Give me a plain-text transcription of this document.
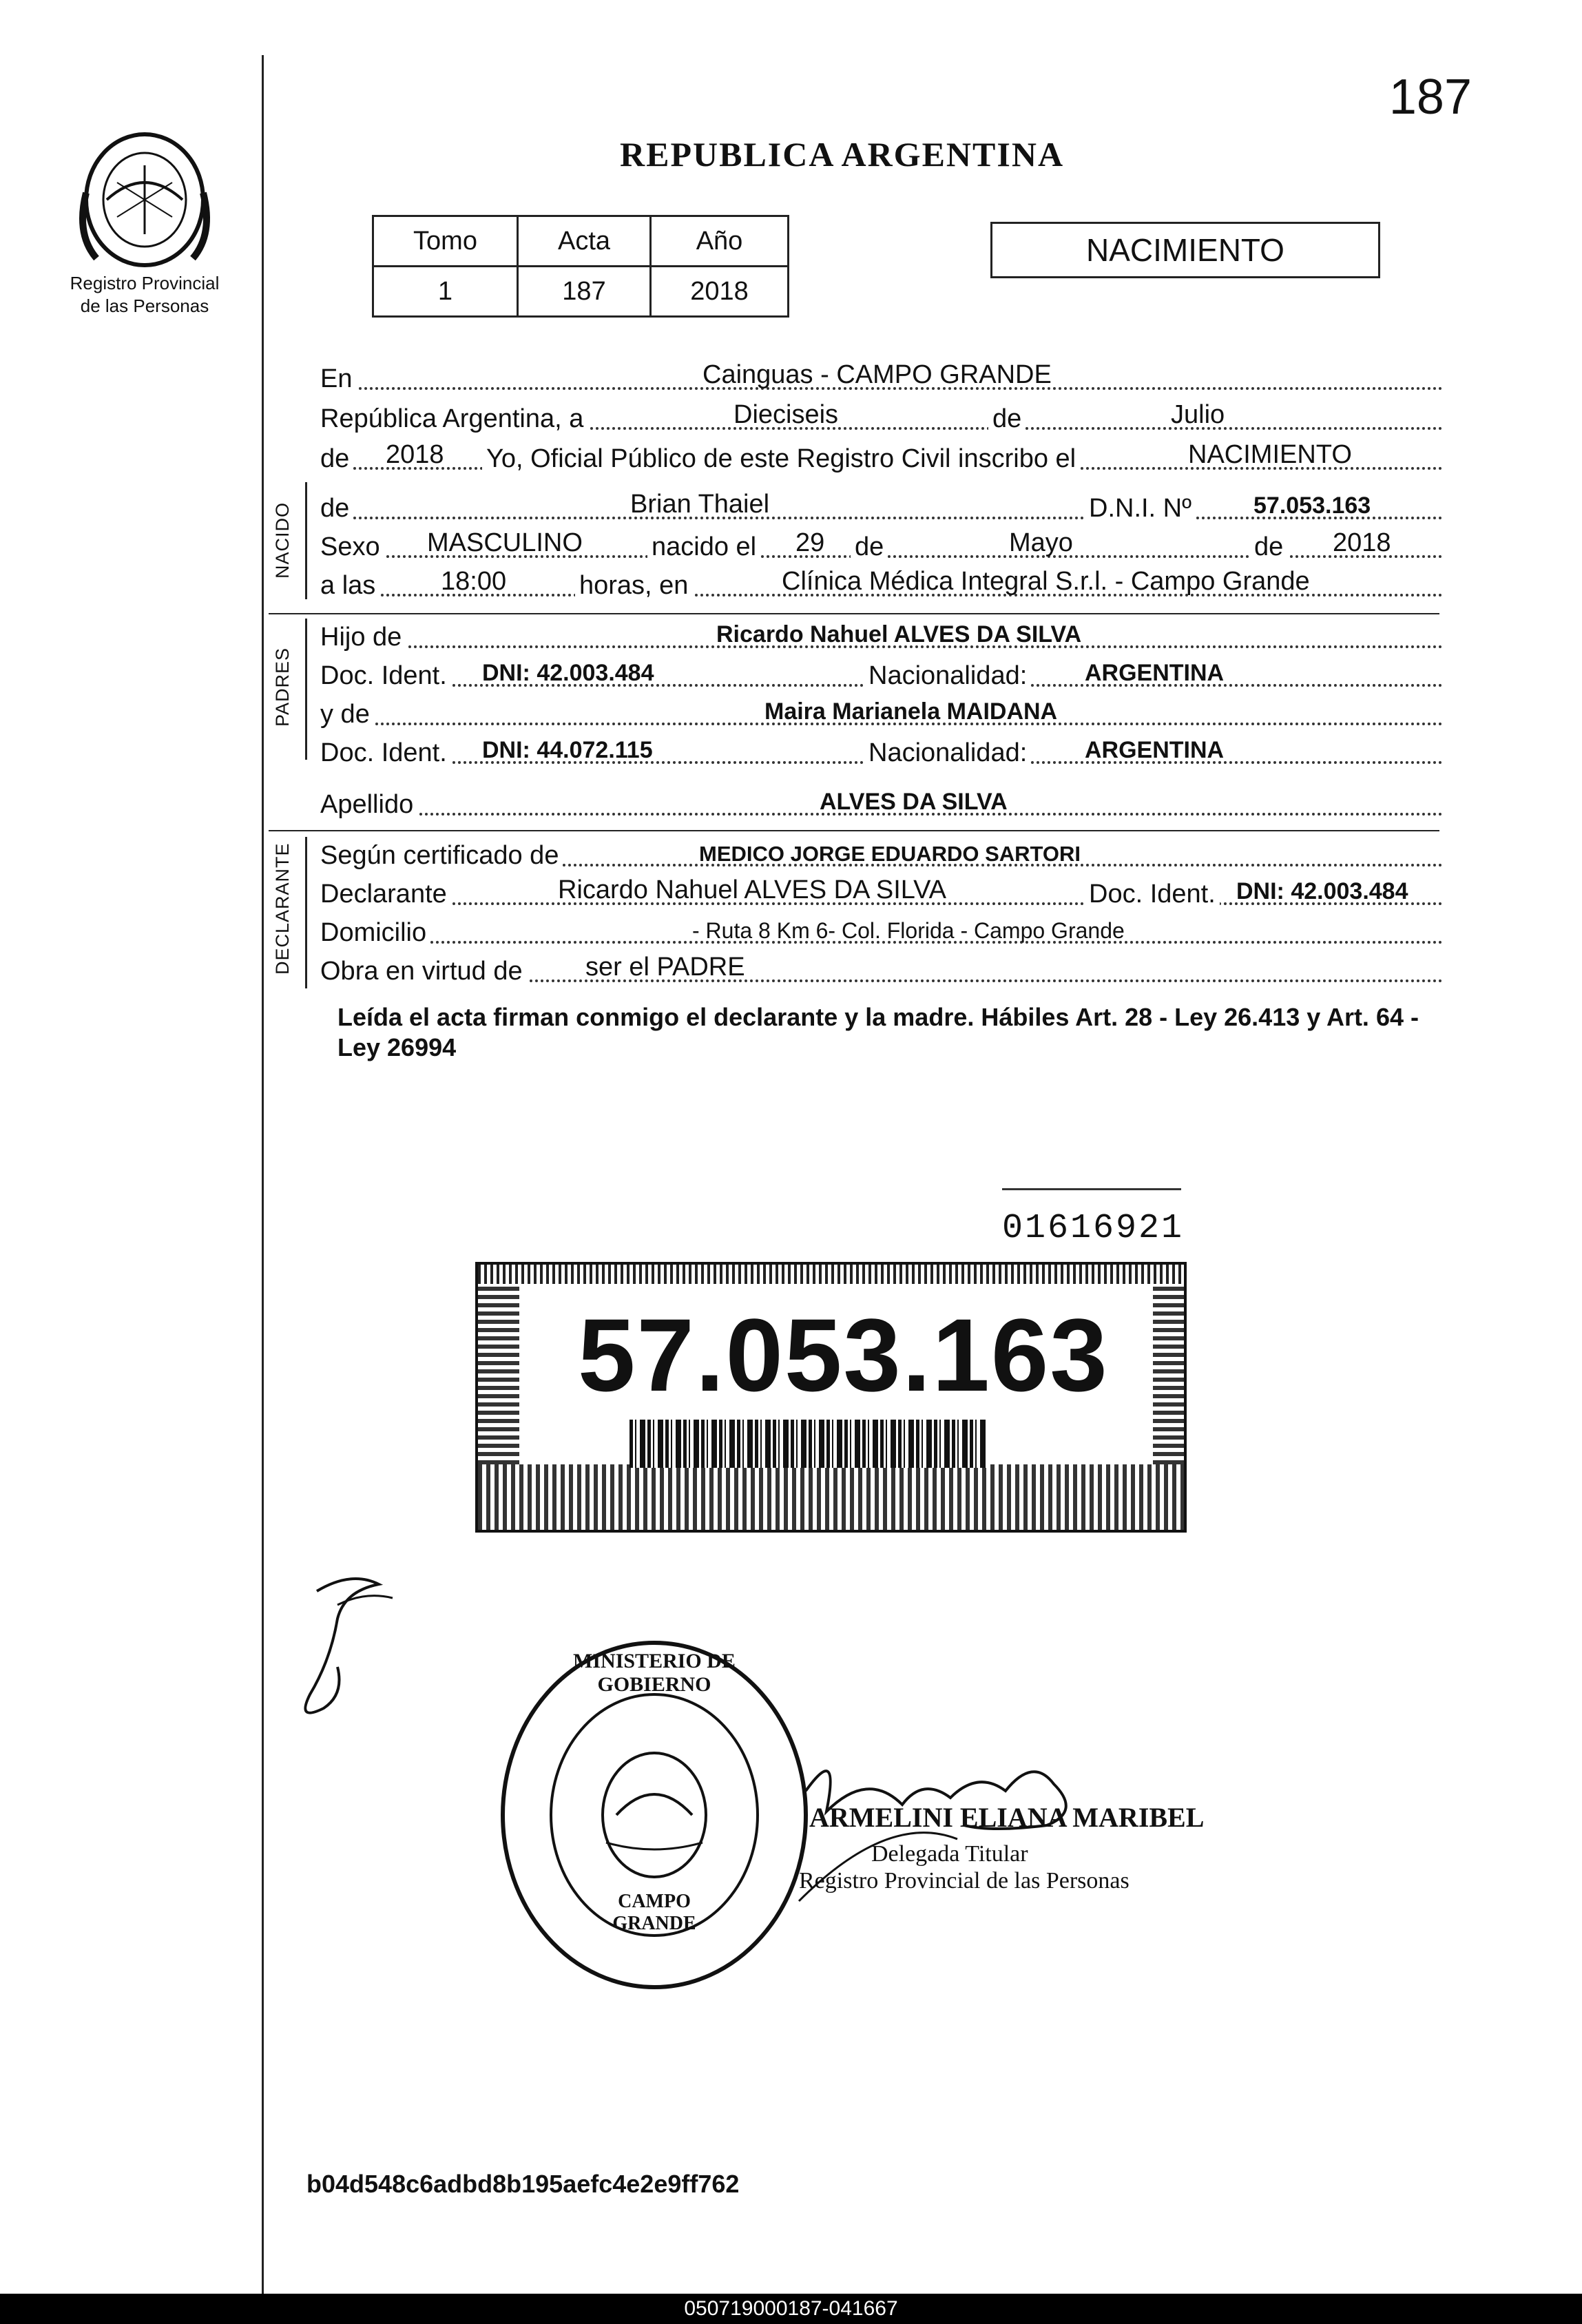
187
Registro Provincial
de las Personas
REPUBLICA ARGENTINA
Tomo	Acta	Año
1	187	2018
NACIMIENTO
En	Cainguas - CAMPO GRANDE
República Argentina, a	Dieciseis	de	Julio
de 2018 Yo, Oficial Público de este Registro Civil inscribo el	NACIMIENTO
NACIDO de	Brian Thaiel	D.N.I. Nº	57.053.163
Sexo MASCULINO	nacido el 29 de	Mayo	de 2018
a las 18:00	horas, en	Clínica Médica Integral S.r.l. - Campo Grande
PADRES
Hijo de	Ricardo Nahuel ALVES DA SILVA
Doc. Ident. DNI: 42.003.484	Nacionalidad: ARGENTINA
y de	Maira Marianela MAIDANA
Doc. Ident. DNI: 44.072.115	Nacionalidad: ARGENTINA
Apellido	ALVES DA SILVA
DECLARANTE Según certificado de	MEDICO JORGE EDUARDO SARTORI
Declarante	Ricardo Nahuel ALVES DA SILVA	Doc. Ident. DNI: 42.003.484
Domicilio	- Ruta 8 Km 6- Col. Florida - Campo Grande
Obra en virtud de ser el PADRE
Leída el acta firman conmigo el declarante y la madre. Hábiles Art. 28 - Ley 26.413 y Art. 64 - Ley 26994
01616921
57.053.163
MINISTERIO DE GOBIERNO
CAMPO GRANDE
ARMELINI ELIANA MARIBEL
Delegada Titular
Registro Provincial de las Personas
b04d548c6adbd8b195aefc4e2e9ff762
050719000187-041667
